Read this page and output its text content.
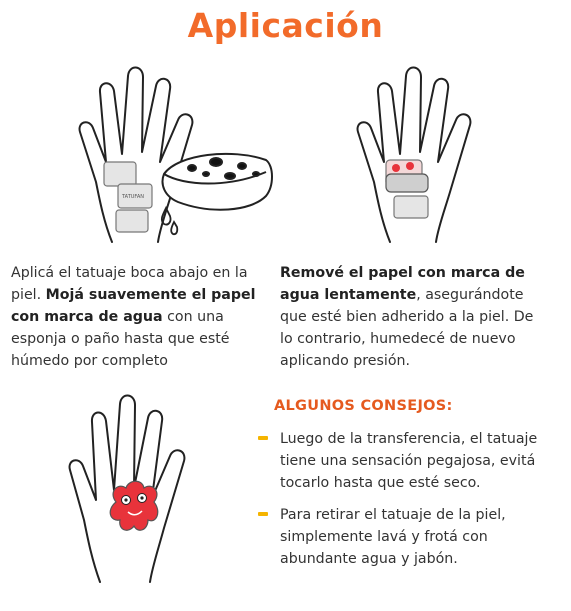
Aplicación
TATUFAN
Aplicá el tatuaje boca abajo en la piel. Mojá suavemente el papel con marca de agua con una esponja o paño hasta que esté húmedo por completo
Remové el papel con marca de agua lentamente, asegurándote que esté bien adherido a la piel. De lo contrario, humedecé de nuevo aplicando presión.
ALGUNOS CONSEJOS:
Luego de la transferencia, el tatuaje tiene una sensación pegajosa, evitá tocarlo hasta que esté seco.
Para retirar el tatuaje de la piel, simplemente lavá y frotá con abundante agua y jabón.
